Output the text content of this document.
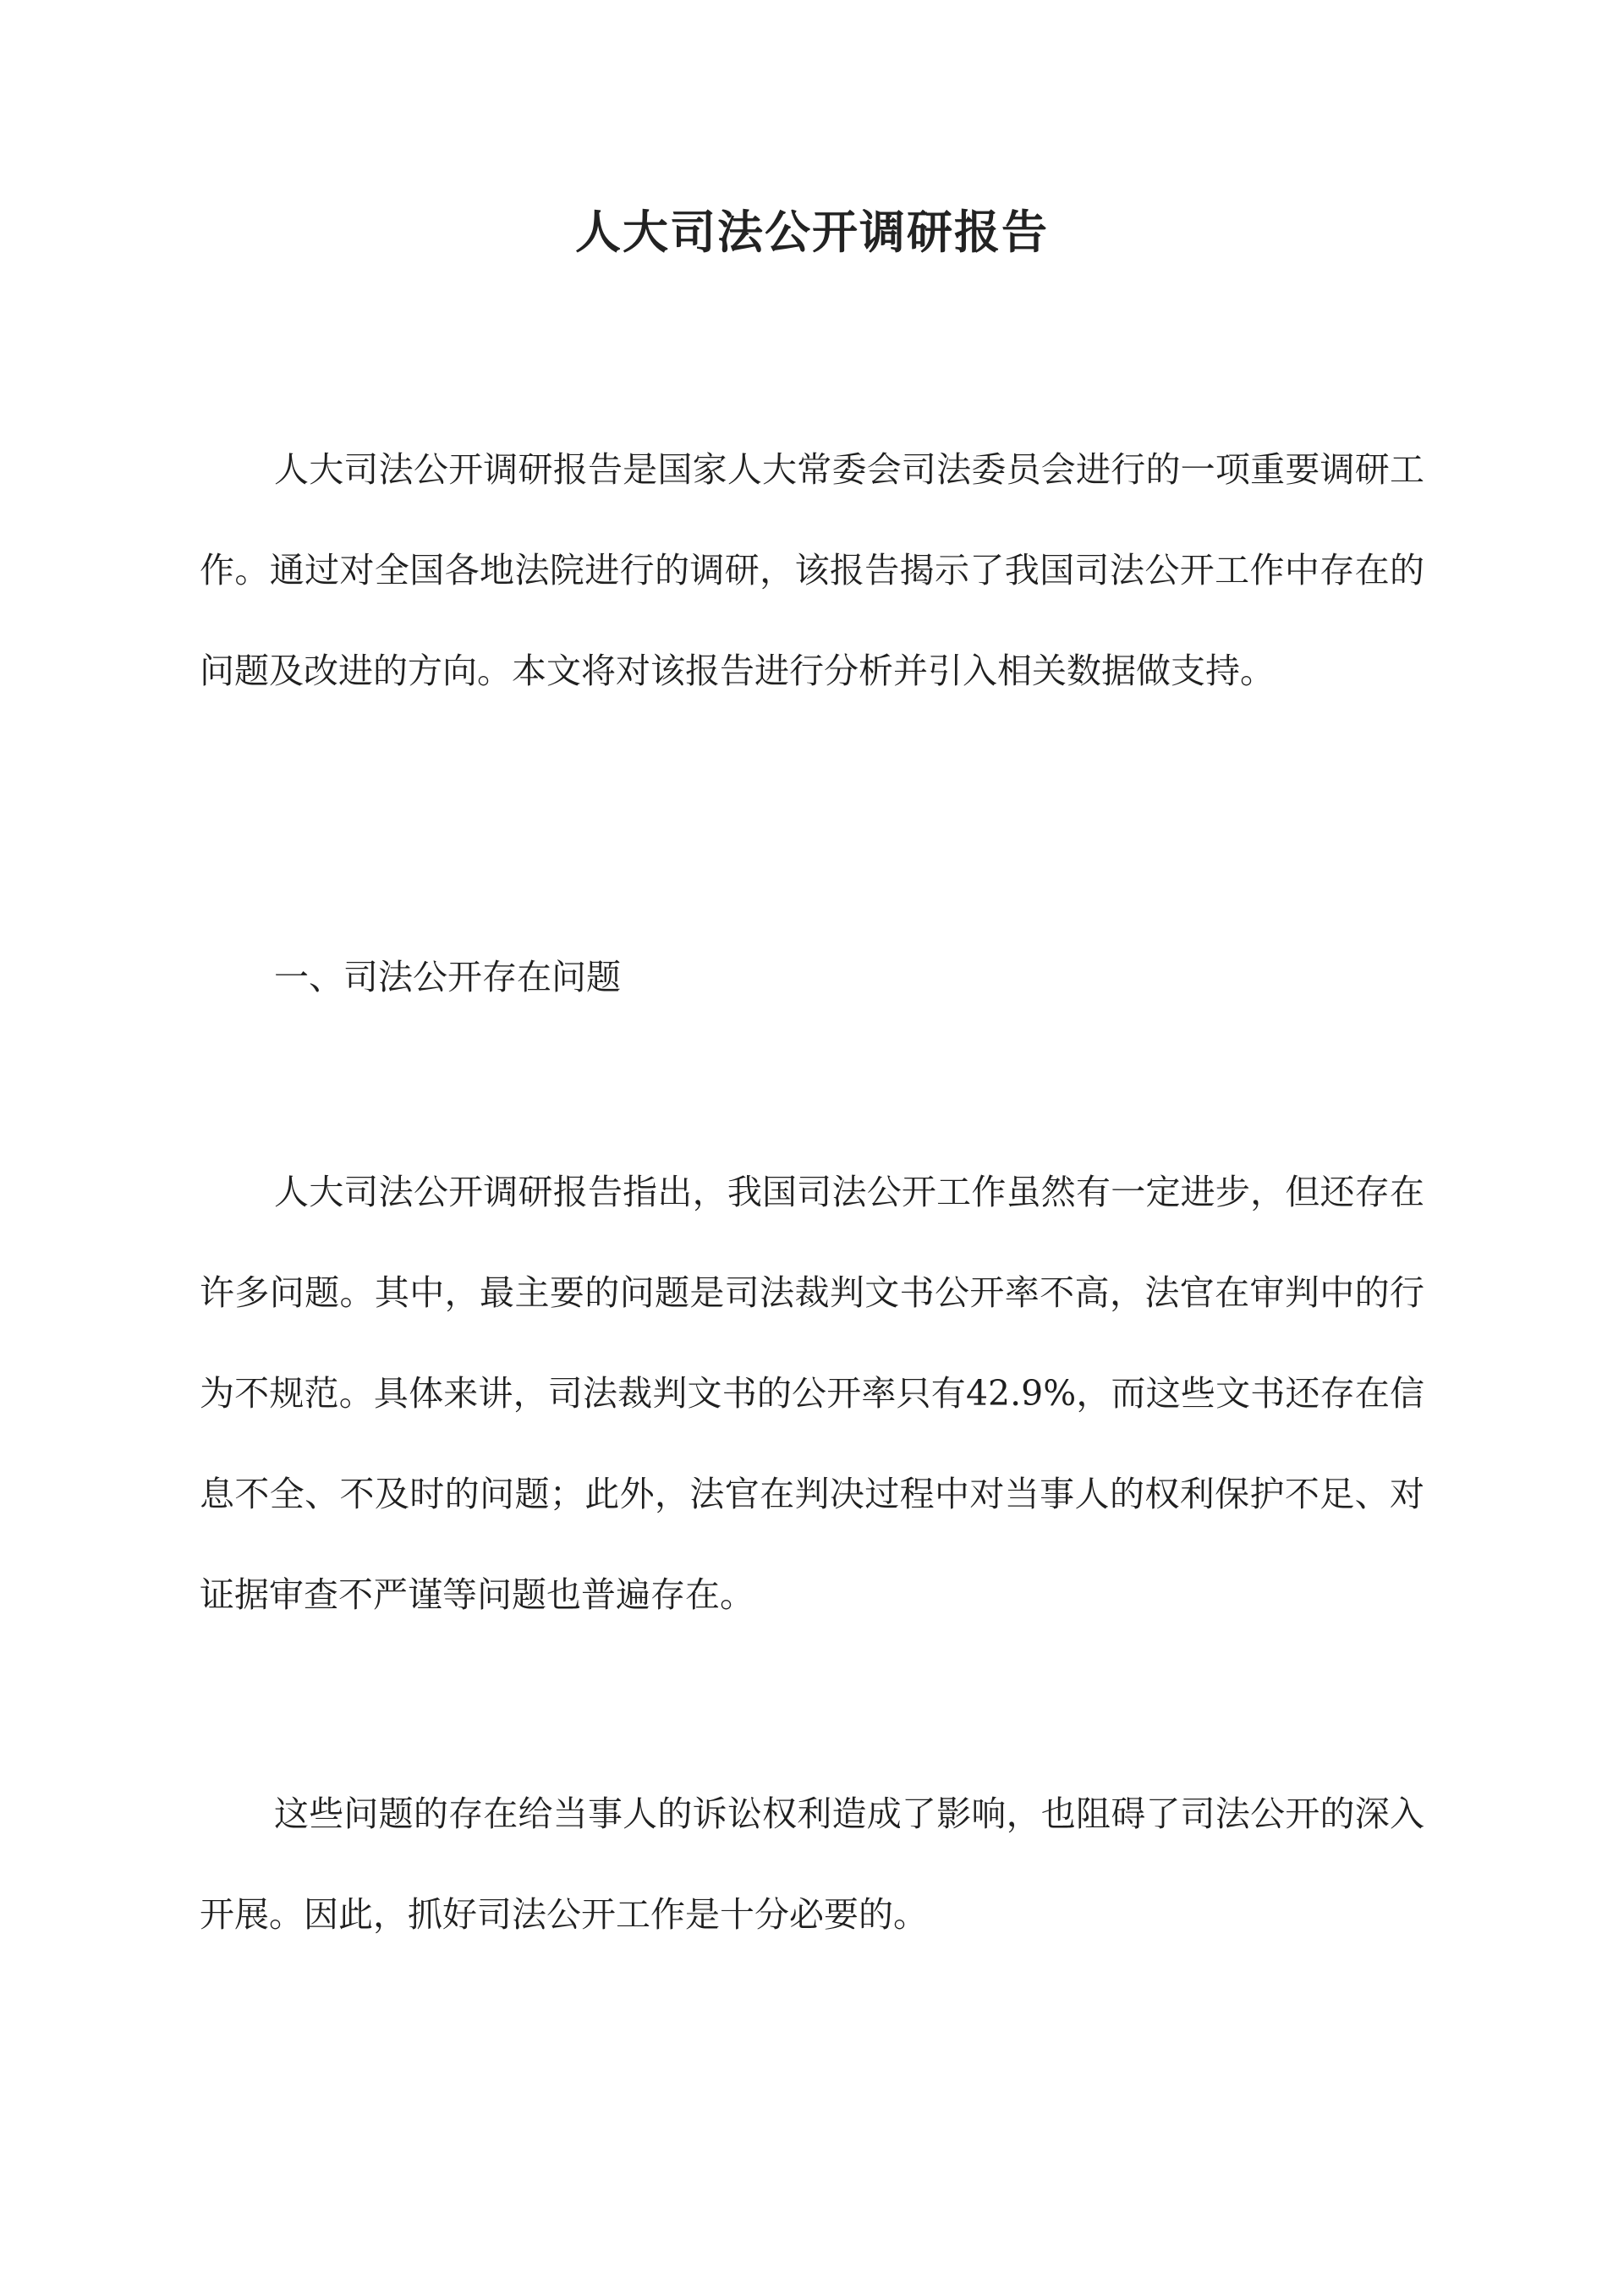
人大司法公开调研报告

人大司法公开调研报告是国家人大常委会司法委员会进行的一项重要调研工作。通过对全国各地法院进行的调研，该报告揭示了我国司法公开工作中存在的问题及改进的方向。本文将对该报告进行分析并引入相关数据做支持。

一、司法公开存在问题

人大司法公开调研报告指出，我国司法公开工作虽然有一定进步，但还存在许多问题。其中，最主要的问题是司法裁判文书公开率不高，法官在审判中的行为不规范。具体来讲，司法裁判文书的公开率只有42.9%，而这些文书还存在信息不全、不及时的问题；此外，法官在判决过程中对当事人的权利保护不足、对证据审查不严谨等问题也普遍存在。

这些问题的存在给当事人的诉讼权利造成了影响，也阻碍了司法公开的深入开展。因此，抓好司法公开工作是十分必要的。
